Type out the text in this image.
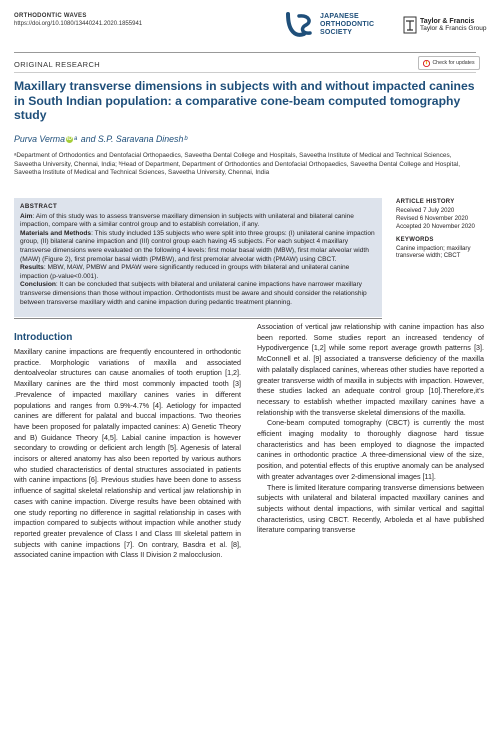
ORTHODONTIC WAVES
https://doi.org/10.1080/13440241.2020.1855941
JAPANESE
ORTHODONTIC
SOCIETY
Taylor & Francis
Taylor & Francis Group
ORIGINAL RESEARCH	Check for updates
Maxillary transverse dimensions in subjects with and without impacted canines in South Indian population: a comparative cone-beam computed tomography study
Purva Verma iD a and S.P. Saravana Dinesh b
ᵃDepartment of Orthodontics and Dentofacial Orthopaedics, Saveetha Dental College and Hospitals, Saveetha Institute of Medical and Technical Sciences, Saveetha University, Chennai, India; ᵇHead of Department, Department of Orthodontics and Dentofacial Orthopaedics, Saveetha Dental College and Hospital, Saveetha Institute of Medical and Technical Sciences, Saveetha University, Chennai, India
ABSTRACT

Aim: Aim of this study was to assess transverse maxillary dimension in subjects with unilateral and bilateral canine impaction, compare with a similar control group and to establish correlation, if any.

Materials and Methods: This study included 135 subjects who were split into three groups: (I) unilateral canine impaction group, (II) bilateral canine impaction and (III) control group each having 45 subjects. For each subject 4 maxillary transverse dimensions were evaluated on the following 4 levels: first molar basal width (MBW), first molar alveolar width (MAW) (Figure 2), first premolar basal width (PMBW), and first premolar alveolar width (PMAW) using CBCT.

Results: MBW, MAW, PMBW and PMAW were significantly reduced in groups with bilateral and unilateral canine impaction (p-value<0.001).

Conclusion: It can be concluded that subjects with bilateral and unilateral canine impactions have narrower maxillary transverse dimensions than those without impaction. Orthodontists must be aware and should consider the relationship between transverse maxillary width and canine impaction during pedantic treatment planning.

ARTICLE HISTORY
Received 7 July 2020
Revised 6 November 2020
Accepted 20 November 2020
KEYWORDS
Canine impaction; maxillary transverse width; CBCT
Introduction

Maxillary canine impactions are frequently encountered in orthodontic practice. Morphologic variations of maxilla and associated dentoalveolar structures can cause anomalies of tooth eruption [1,2]. Maxillary canines are the third most commonly impacted tooth [3] .Prevalence of impacted maxillary canines varies in different populations and ranges from 0.9%-4.7% [4]. Aetiology for impacted canines are different for palatal and buccal impactions. Two theories have been proposed for palatally impacted canines: A) Genetic Theory and B) Guidance Theory [4,5]. Labial canine impaction is however secondary to crowding or deficient arch length [5]. Agenesis of lateral incisors or altered anatomy has also been reported by various authors who studied characteristics of dental structures associated in patients with canine impactions [6]. Previous studies have been done to assess influence of sagittal skeletal relationship and vertical jaw relationship in cases with canine impaction. Diverge results have been obtained with one study reporting no difference in sagittal relationship in cases with impaction compared to subjects without impaction while another study reported greater prevalence of Class I and Class III skeletal pattern in subjects with canine impactions [7]. On contrary, Basdra et al. [8], associated canine impaction with Class II Division 2 malocclusion.

Association of vertical jaw relationship with canine impaction has also been reported. Some studies report an increased tendency of Hypodivergence [1,2] while some report average growth patterns [3]. McConnell et al. [9] associated a transverse deficiency of the maxilla with palatally displaced canines, whereas other studies have reported a greater transverse width of maxilla in subjects with impaction. However, these studies lacked an adequate control group [10].Therefore,it’s necessary to establish whether impacted maxillary canines have a relationship with the transverse skeletal dimensions of the maxilla.

Cone-beam computed tomography (CBCT) is currently the most efficient imaging modality to thoroughly diagnose hard tissue characteristics and has been employed to diagnose the impacted canines in orthodontic practice .A three-dimensional view of the size, position, and potential effects of this eruptive anomaly can be analysed with greater advantages over 2-dimensional images [11].

There is limited literature comparing transverse dimensions between subjects with unilateral and bilateral impacted maxillary canines and subjects without dental impactions, with similar vertical and sagittal characteristics, using CBCT. Recently, Arboleda et al have published literature comparing transverse
